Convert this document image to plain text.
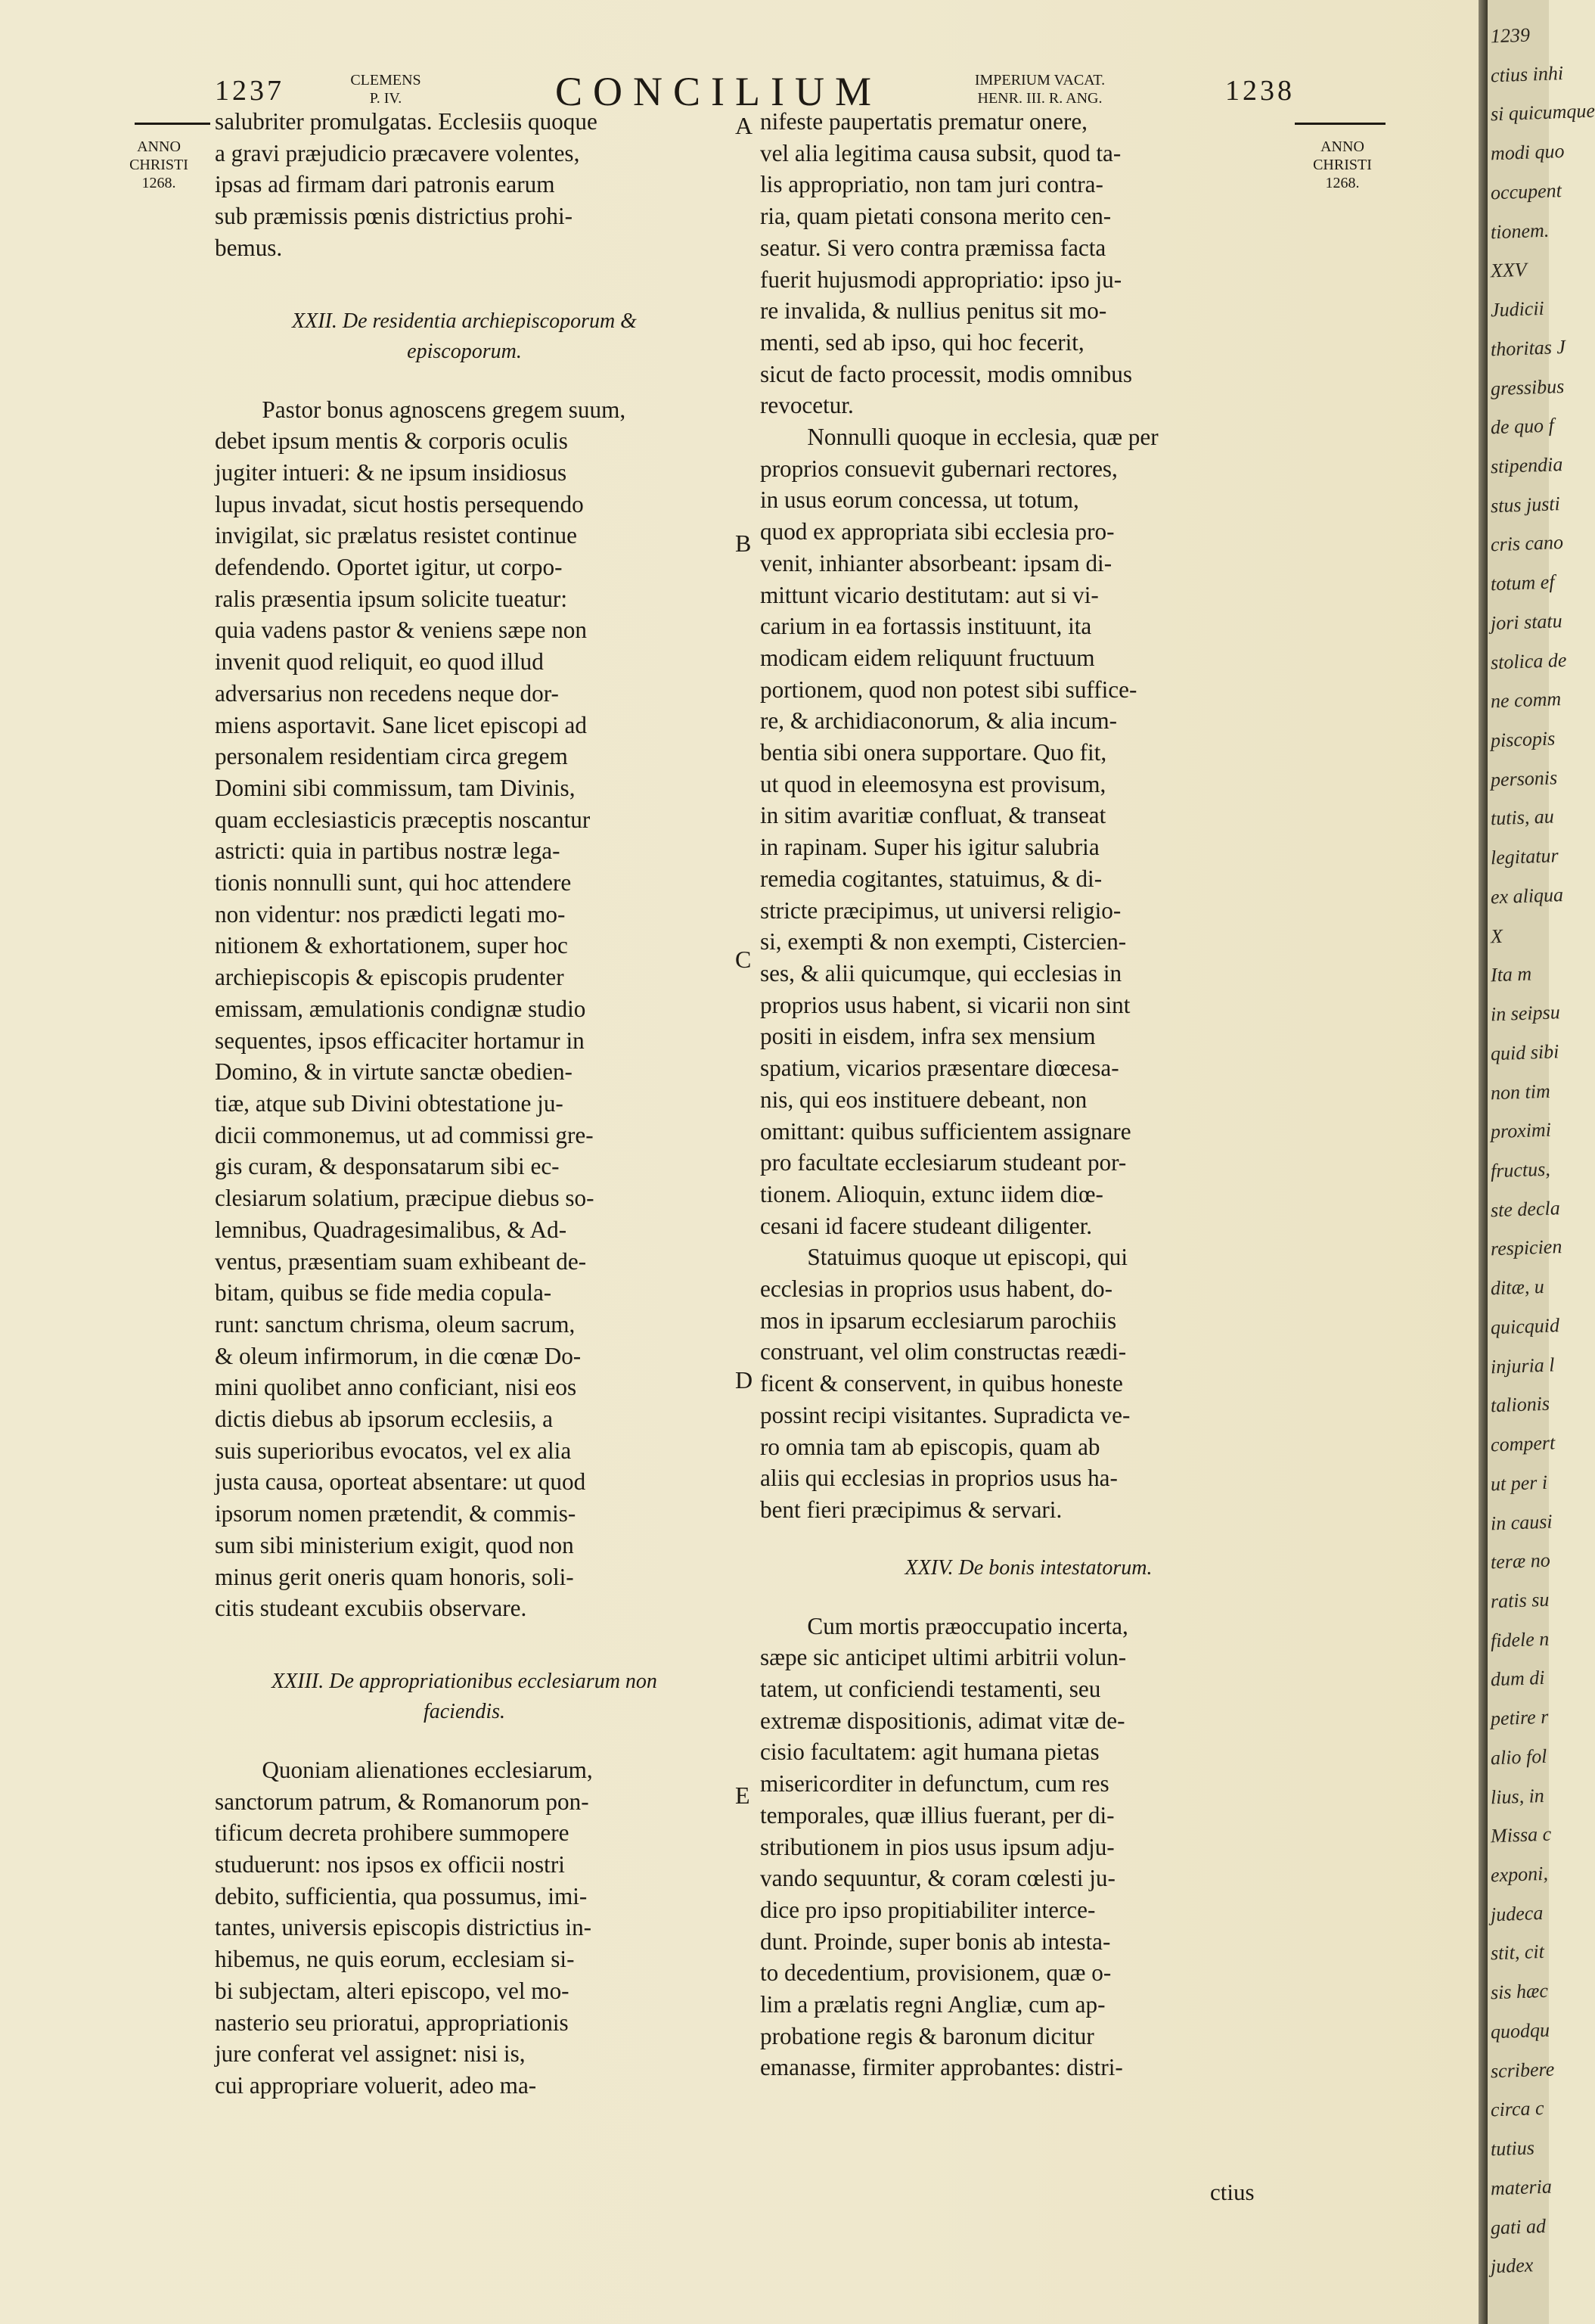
1237	CLEMENS
P. IV.	CONCILIUM	IMPERIUM VACAT.
HENR. III. R. ANG.	1238
ANNO
CHRISTI
1268.
ANNO
CHRISTI
1268.

salubriter promulgatas. Ecclesiis quoque
a gravi præjudicio præcavere volentes,
ipsas ad firmam dari patronis earum
sub præmissis pœnis districtius prohi-
bemus.

XXII. De residentia archiepiscoporum &
episcoporum.

Pastor bonus agnoscens gregem suum,
debet ipsum mentis & corporis oculis
jugiter intueri: & ne ipsum insidiosus
lupus invadat, sicut hostis persequendo
invigilat, sic prælatus resistet continue
defendendo. Oportet igitur, ut corpo-
ralis præsentia ipsum solicite tueatur:
quia vadens pastor & veniens sæpe non
invenit quod reliquit, eo quod illud
adversarius non recedens neque dor-
miens asportavit. Sane licet episcopi ad
personalem residentiam circa gregem
Domini sibi commissum, tam Divinis,
quam ecclesiasticis præceptis noscantur
astricti: quia in partibus nostræ lega-
tionis nonnulli sunt, qui hoc attendere
non videntur: nos prædicti legati mo-
nitionem & exhortationem, super hoc
archiepiscopis & episcopis prudenter
emissam, æmulationis condignæ studio
sequentes, ipsos efficaciter hortamur in
Domino, & in virtute sanctæ obedien-
tiæ, atque sub Divini obtestatione ju-
dicii commonemus, ut ad commissi gre-
gis curam, & desponsatarum sibi ec-
clesiarum solatium, præcipue diebus so-
lemnibus, Quadragesimalibus, & Ad-
ventus, præsentiam suam exhibeant de-
bitam, quibus se fide media copula-
runt: sanctum chrisma, oleum sacrum,
& oleum infirmorum, in die cœnæ Do-
mini quolibet anno conficiant, nisi eos
dictis diebus ab ipsorum ecclesiis, a
suis superioribus evocatos, vel ex alia
justa causa, oporteat absentare: ut quod
ipsorum nomen prætendit, & commis-
sum sibi ministerium exigit, quod non
minus gerit oneris quam honoris, soli-
citis studeant excubiis observare.

XXIII. De appropriationibus ecclesiarum non
faciendis.

Quoniam alienationes ecclesiarum,
sanctorum patrum, & Romanorum pon-
tificum decreta prohibere summopere
studuerunt: nos ipsos ex officii nostri
debito, sufficientia, qua possumus, imi-
tantes, universis episcopis districtius in-
hibemus, ne quis eorum, ecclesiam si-
bi subjectam, alteri episcopo, vel mo-
nasterio seu prioratui, appropriationis
jure conferat vel assignet: nisi is,
cui appropriare voluerit, adeo ma-

A
B
C
D
E

nifeste paupertatis prematur onere,
vel alia legitima causa subsit, quod ta-
lis appropriatio, non tam juri contra-
ria, quam pietati consona merito cen-
seatur. Si vero contra præmissa facta
fuerit hujusmodi appropriatio: ipso ju-
re invalida, & nullius penitus sit mo-
menti, sed ab ipso, qui hoc fecerit,
sicut de facto processit, modis omnibus
revocetur.

Nonnulli quoque in ecclesia, quæ per
proprios consuevit gubernari rectores,
in usus eorum concessa, ut totum,
quod ex appropriata sibi ecclesia pro-
venit, inhianter absorbeant: ipsam di-
mittunt vicario destitutam: aut si vi-
carium in ea fortassis instituunt, ita
modicam eidem reliquunt fructuum
portionem, quod non potest sibi suffice-
re, & archidiaconorum, & alia incum-
bentia sibi onera supportare. Quo fit,
ut quod in eleemosyna est provisum,
in sitim avaritiæ confluat, & transeat
in rapinam. Super his igitur salubria
remedia cogitantes, statuimus, & di-
stricte præcipimus, ut universi religio-
si, exempti & non exempti, Cistercien-
ses, & alii quicumque, qui ecclesias in
proprios usus habent, si vicarii non sint
positi in eisdem, infra sex mensium
spatium, vicarios præsentare diœcesa-
nis, qui eos instituere debeant, non
omittant: quibus sufficientem assignare
pro facultate ecclesiarum studeant por-
tionem. Alioquin, extunc iidem diœ-
cesani id facere studeant diligenter.

Statuimus quoque ut episcopi, qui
ecclesias in proprios usus habent, do-
mos in ipsarum ecclesiarum parochiis
construant, vel olim constructas reædi-
ficent & conservent, in quibus honeste
possint recipi visitantes. Supradicta ve-
ro omnia tam ab episcopis, quam ab
aliis qui ecclesias in proprios usus ha-
bent fieri præcipimus & servari.

XXIV. De bonis intestatorum.

Cum mortis præoccupatio incerta,
sæpe sic anticipet ultimi arbitrii volun-
tatem, ut conficiendi testamenti, seu
extremæ dispositionis, adimat vitæ de-
cisio facultatem: agit humana pietas
misericorditer in defunctum, cum res
temporales, quæ illius fuerant, per di-
stributionem in pios usus ipsum adju-
vando sequuntur, & coram cœlesti ju-
dice pro ipso propitiabiliter interce-
dunt. Proinde, super bonis ab intesta-
to decedentium, provisionem, quæ o-
lim a prælatis regni Angliæ, cum ap-
probatione regis & baronum dicitur
emanasse, firmiter approbantes: distri-

ctius
1239
ctius inhi
si quicumque
modi quo
occupent
tionem.
XXV
Judicii
thoritas J
gressibus
de quo f
stipendia
stus justi
cris cano
totum ef
jori statu
stolica de
ne comm
piscopis
personis
tutis, au
legitatur
ex aliqua
X
Ita m
in seipsu
quid sibi
non tim
proximi
fructus,
ste decla
respicien
ditæ, u
quicquid
injuria l
talionis
compert
ut per i
in causi
teræ no
ratis su
fidele n
dum di
petire r
alio fol
lius, in
Missa c
exponi,
judeca
stit, cit
sis hæc
quodqu
scribere
circa c
tutius
materia
gati ad
judex
